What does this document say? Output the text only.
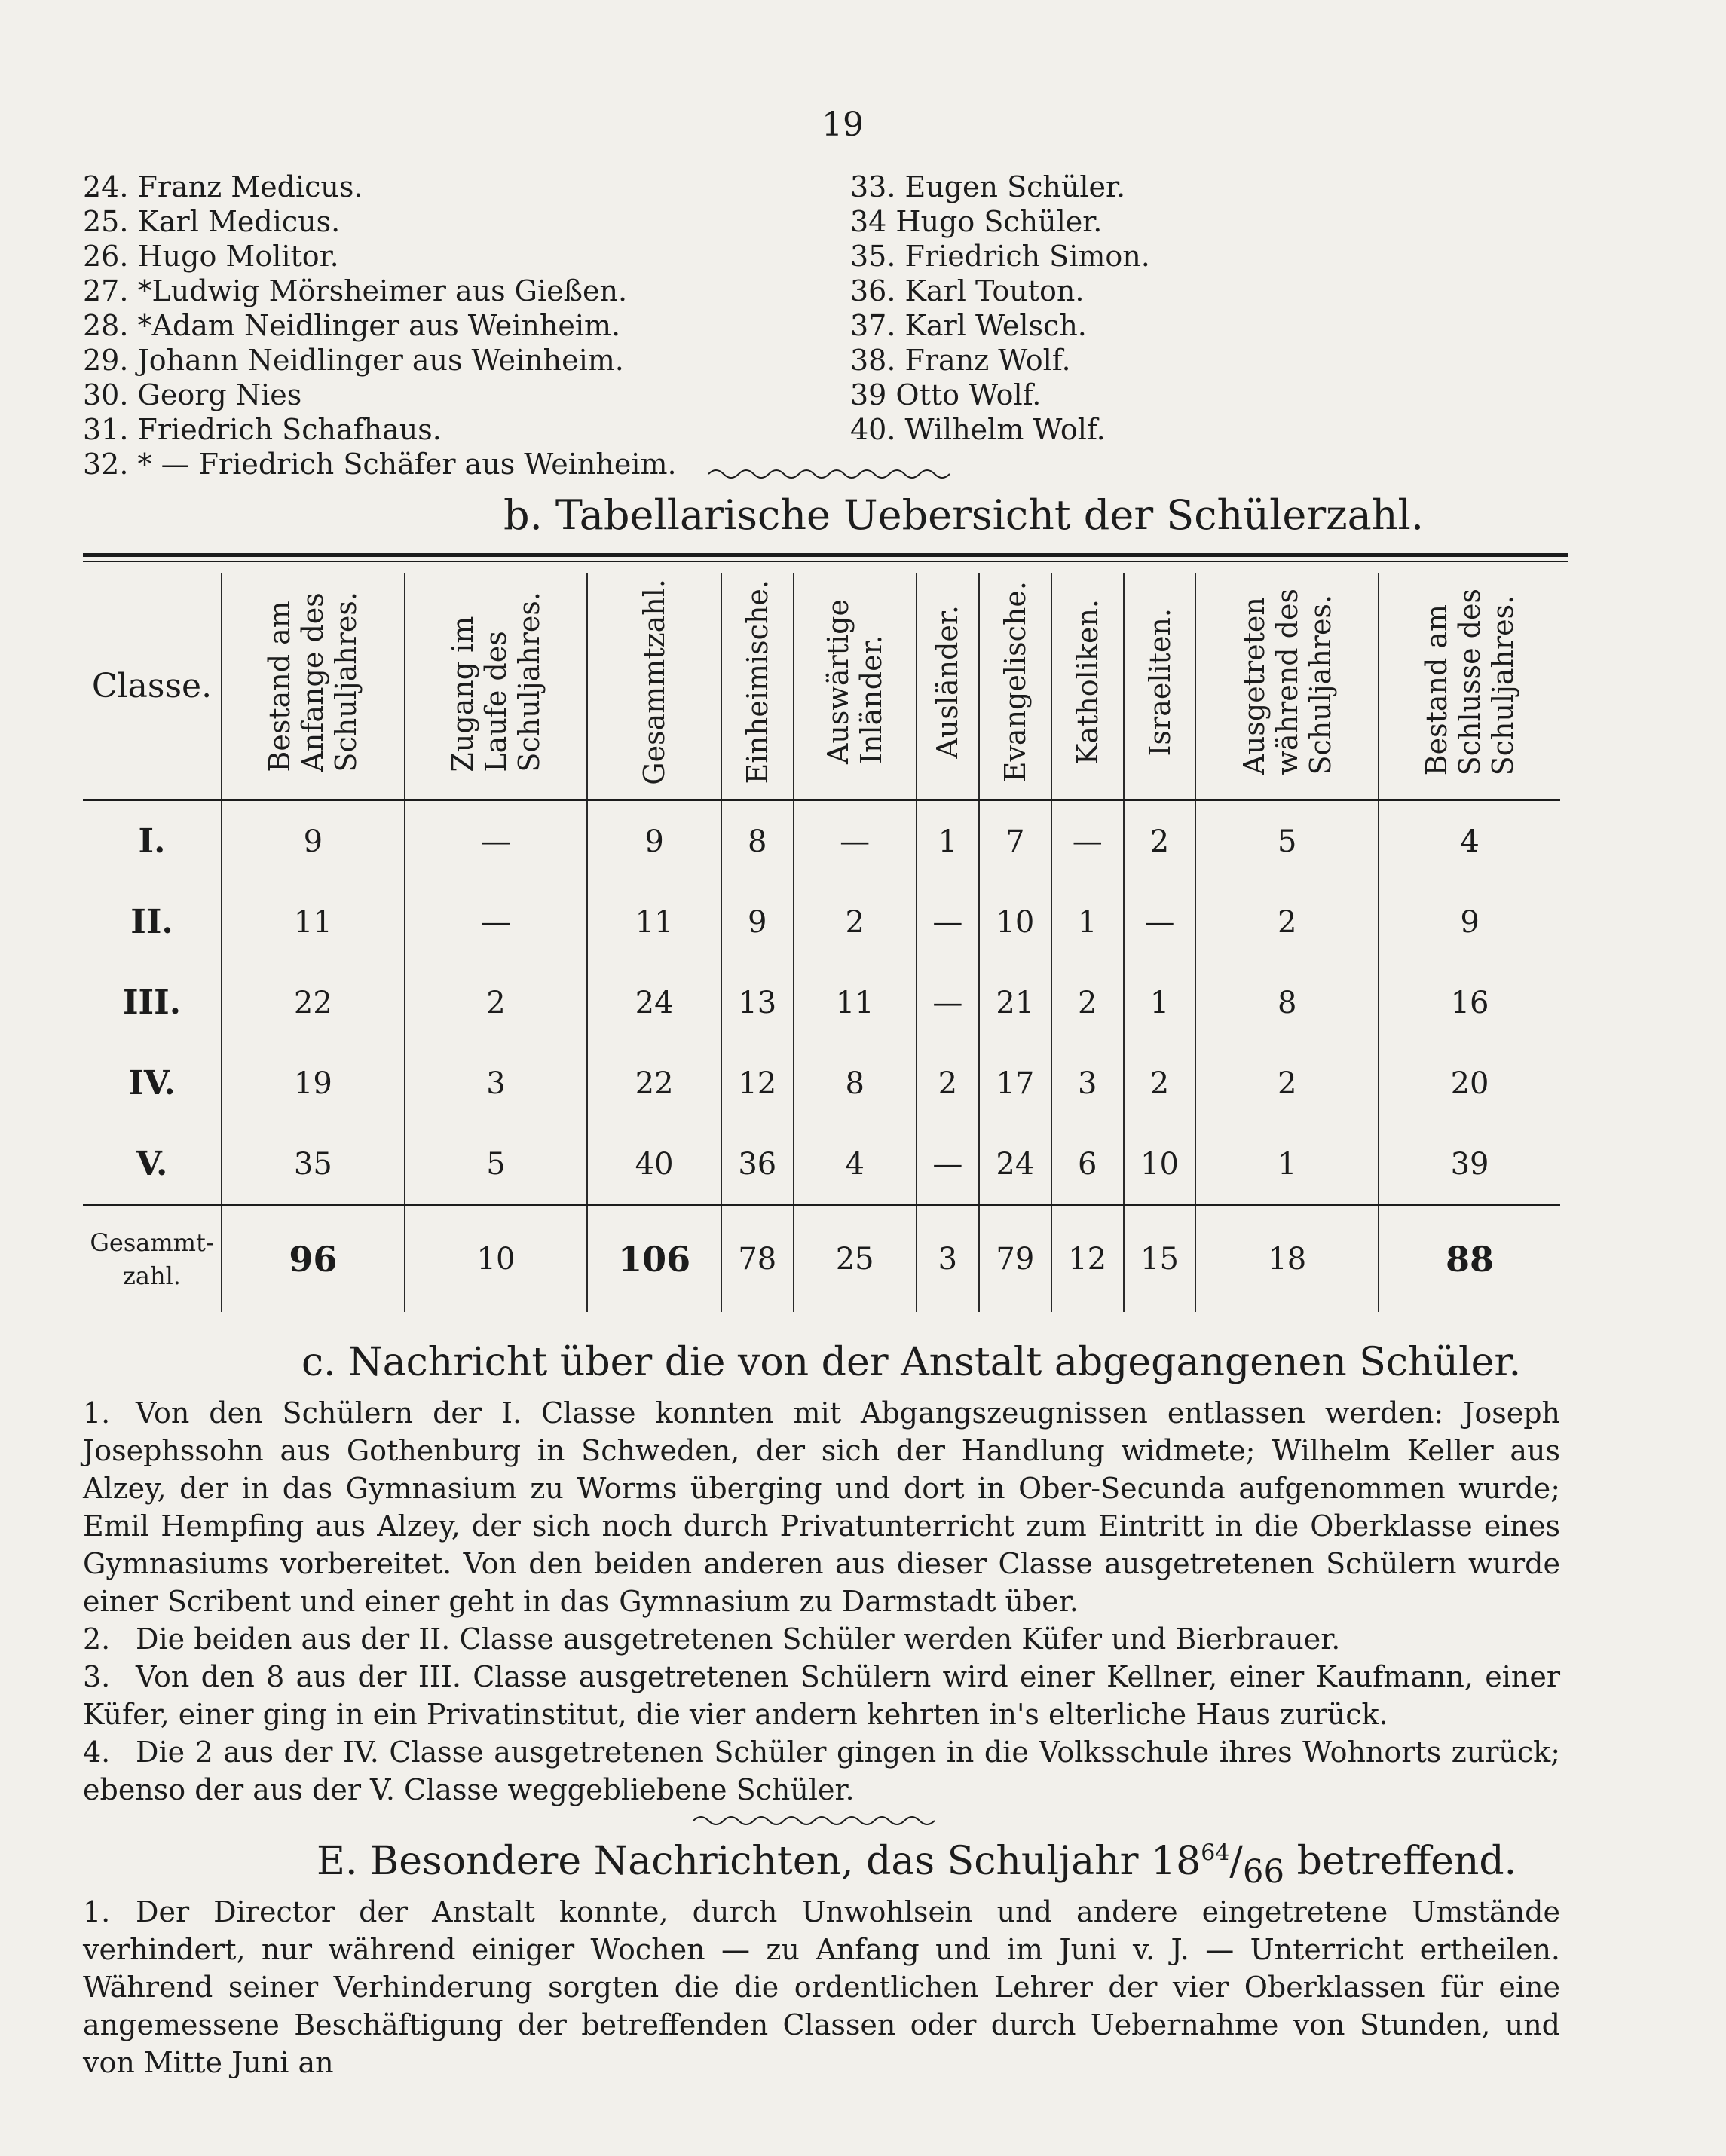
19
24. Franz Medicus.
25. Karl Medicus.
26. Hugo Molitor.
27. *Ludwig Mörsheimer aus Gießen.
28. *Adam Neidlinger aus Weinheim.
29. Johann Neidlinger aus Weinheim.
30. Georg Nies
31. Friedrich Schafhaus.
32. * — Friedrich Schäfer aus Weinheim.
33. Eugen Schüler.
34 Hugo Schüler.
35. Friedrich Simon.
36. Karl Touton.
37. Karl Welsch.
38. Franz Wolf.
39 Otto Wolf.
40. Wilhelm Wolf.
b. Tabellarische Uebersicht der Schülerzahl.
Classe.	Bestand am
Anfange des
Schuljahres.	Zugang im
Laufe des
Schuljahres.	Gesammtzahl.	Einheimische.	Auswärtige
Inländer.	Ausländer.	Evangelische.	Katholiken.	Israeliten.	Ausgetreten
während des
Schuljahres.	Bestand am
Schlusse des
Schuljahres.
I.	9	—	9	8	—	1	7	—	2	5	4
II.	11	—	11	9	2	—	10	1	—	2	9
III.	22	2	24	13	11	—	21	2	1	8	16
IV.	19	3	22	12	8	2	17	3	2	2	20
V.	35	5	40	36	4	—	24	6	10	1	39
Gesammt-
zahl.	96	10	106	78	25	3	79	12	15	18	88
c. Nachricht über die von der Anstalt abgegangenen Schüler.
1. Von den Schülern der I. Classe konnten mit Abgangszeugnissen entlassen werden: Joseph Josephssohn aus Gothenburg in Schweden, der sich der Handlung widmete; Wilhelm Keller aus Alzey, der in das Gymnasium zu Worms überging und dort in Ober-Secunda aufgenommen wurde; Emil Hempfing aus Alzey, der sich noch durch Privatunterricht zum Eintritt in die Oberklasse eines Gymnasiums vorbereitet. Von den beiden anderen aus dieser Classe ausgetretenen Schülern wurde einer Scribent und einer geht in das Gymnasium zu Darmstadt über.
2. Die beiden aus der II. Classe ausgetretenen Schüler werden Küfer und Bierbrauer.
3. Von den 8 aus der III. Classe ausgetretenen Schülern wird einer Kellner, einer Kaufmann, einer Küfer, einer ging in ein Privatinstitut, die vier andern kehrten in's elterliche Haus zurück.
4. Die 2 aus der IV. Classe ausgetretenen Schüler gingen in die Volksschule ihres Wohnorts zurück; ebenso der aus der V. Classe weggebliebene Schüler.
E. Besondere Nachrichten, das Schuljahr $18^{64}/_{66}$ betreffend.
1. Der Director der Anstalt konnte, durch Unwohlsein und andere eingetretene Umstände verhindert, nur während einiger Wochen — zu Anfang und im Juni v. J. — Unterricht ertheilen. Während seiner Verhinderung sorgten die die ordentlichen Lehrer der vier Oberklassen für eine angemessene Beschäftigung der betreffenden Classen oder durch Uebernahme von Stunden, und von Mitte Juni an
